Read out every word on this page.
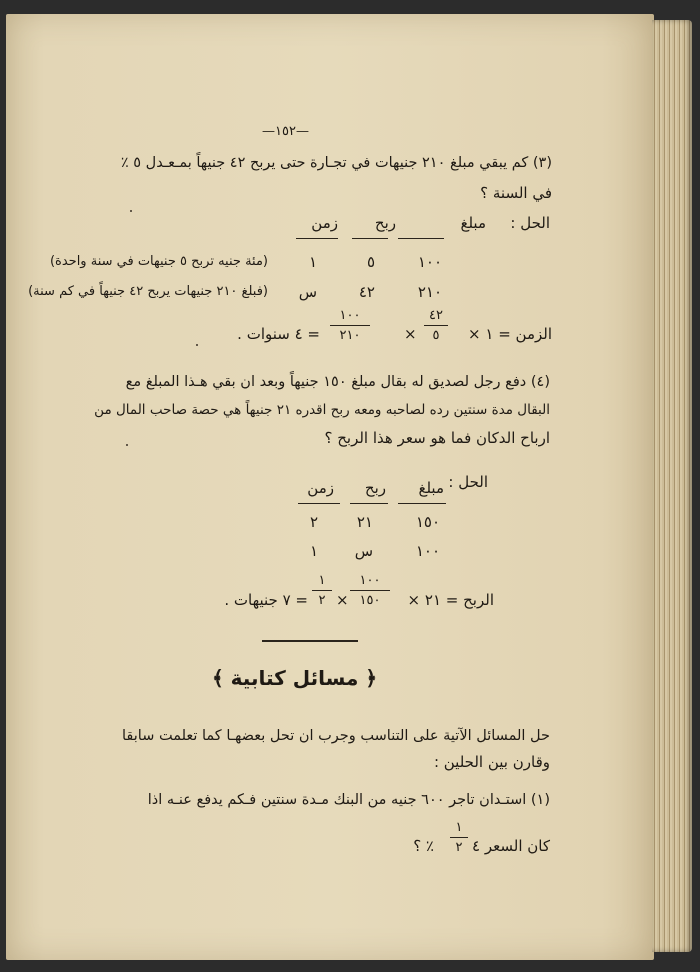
—١٥٢—
(٣) كم يبقي مبلغ ٢١٠ جنيهات في تجـارة حتى يربح ٤٢ جنيهاً بمـعـدل ٥ ٪
في السنة ؟
الحل :
مبلغ
ربح
زمن
١٠٠
٥
١
(مئة جنيه تربح ٥ جنيهات في سنة واحدة)
٢١٠
٤٢
س
(فبلغ ٢١٠ جنيهات يربح ٤٢ جنيهاً في كم سنة)
الزمن = ١ ×
٤٢
٥
×
١٠٠
٢١٠
= ٤ سنوات .
(٤) دفع رجل لصديق له بقال مبلغ ١٥٠ جنيهاً وبعد ان بقي هـذا المبلغ مع
البقال مدة سنتين رده لصاحبه ومعه ربح اقدره ٢١ جنيهاً هي حصة صاحب المال من
ارباح الدكان فما هو سعر هذا الربح ؟
الحل :
مبلغ
ربح
زمن
١٥٠
٢١
٢
١٠٠
س
١
الربح = ٢١ ×
١٠٠
١٥٠
×
١
٢
= ٧ جنيهات .
﴿ مسائل كتابية ﴾
حل المسائل الآتية على التناسب وجرب ان تحل بعضهـا كما تعلمت سابقا
وقارن بين الحلين :
(١) استـدان تاجر ٦٠٠ جنيه من البنك مـدة سنتين فـكم يدفع عنـه اذا
كان السعر ٤
١
٢
٪ ؟
